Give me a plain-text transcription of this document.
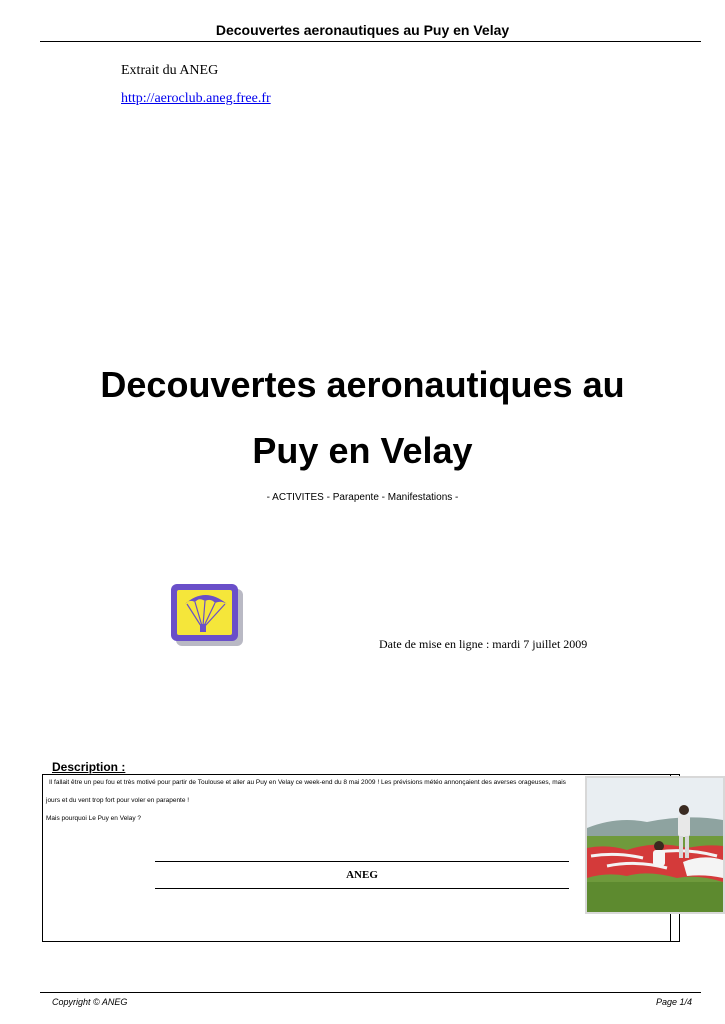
Decouvertes aeronautiques au Puy en Velay
Extrait du ANEG
http://aeroclub.aneg.free.fr
Decouvertes aeronautiques au
Puy en Velay
- ACTIVITES - Parapente - Manifestations -
Date de mise en ligne : mardi 7 juillet 2009
Description :
Il fallait être un peu fou et très motivé pour partir de Toulouse et aller au Puy en Velay ce week-end du 8 mai 2009 ! Les prévisions météo annonçaient des averses orageuses, mais
jours et du vent trop fort pour voler en parapente !
Mais pourquoi Le Puy en Velay ?
ANEG
Copyright © ANEG	Page 1/4
